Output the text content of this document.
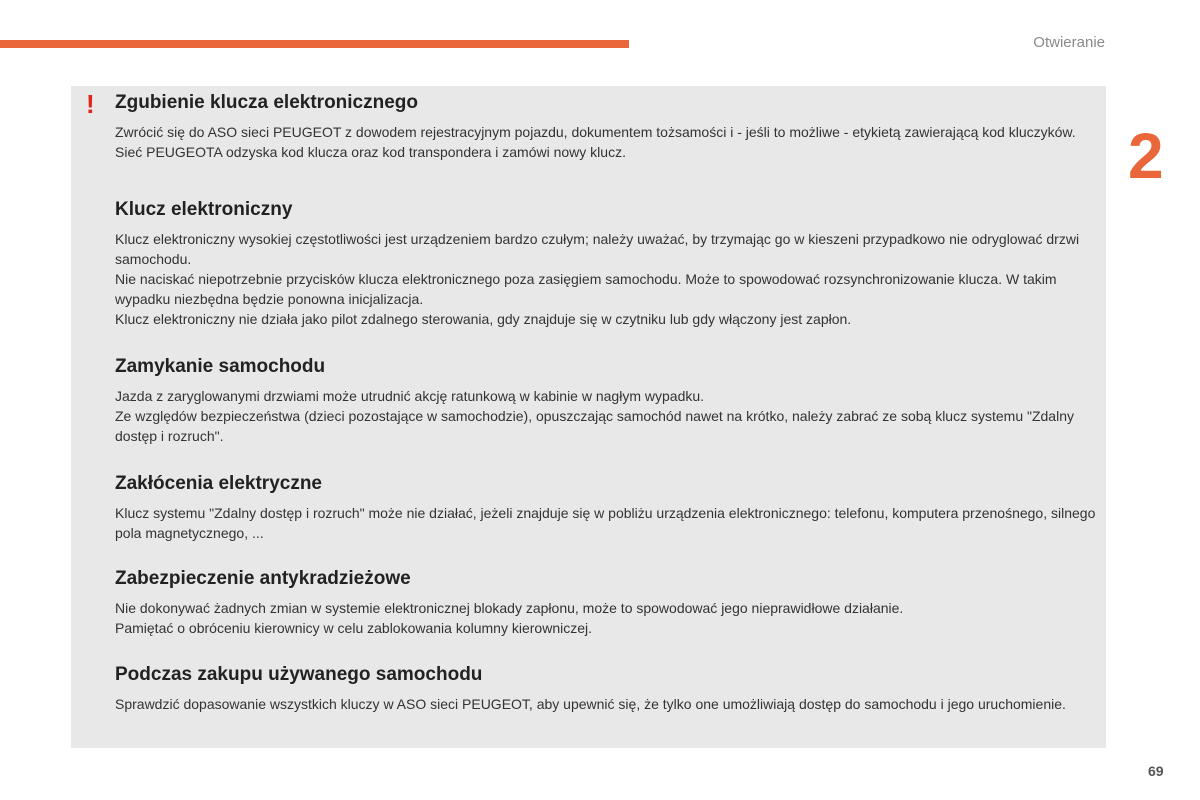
Otwieranie
2
! Zgubienie klucza elektronicznego

Zwrócić się do ASO sieci PEUGEOT z dowodem rejestracyjnym pojazdu, dokumentem tożsamości i - jeśli to możliwe - etykietą zawierającą kod kluczyków.

Sieć PEUGEOTA odzyska kod klucza oraz kod transpondera i zamówi nowy klucz.

Klucz elektroniczny

Klucz elektroniczny wysokiej częstotliwości jest urządzeniem bardzo czułym; należy uważać, by trzymając go w kieszeni przypadkowo nie odryglować drzwi samochodu.

Nie naciskać niepotrzebnie przycisków klucza elektronicznego poza zasięgiem samochodu. Może to spowodować rozsynchronizowanie klucza. W takim wypadku niezbędna będzie ponowna inicjalizacja.

Klucz elektroniczny nie działa jako pilot zdalnego sterowania, gdy znajduje się w czytniku lub gdy włączony jest zapłon.

Zamykanie samochodu

Jazda z zaryglowanymi drzwiami może utrudnić akcję ratunkową w kabinie w nagłym wypadku.

Ze względów bezpieczeństwa (dzieci pozostające w samochodzie), opuszczając samochód nawet na krótko, należy zabrać ze sobą klucz systemu "Zdalny dostęp i rozruch".

Zakłócenia elektryczne

Klucz systemu "Zdalny dostęp i rozruch" może nie działać, jeżeli znajduje się w pobliżu urządzenia elektronicznego: telefonu, komputera przenośnego, silnego pola magnetycznego, ...

Zabezpieczenie antykradzieżowe

Nie dokonywać żadnych zmian w systemie elektronicznej blokady zapłonu, może to spowodować jego nieprawidłowe działanie.

Pamiętać o obróceniu kierownicy w celu zablokowania kolumny kierowniczej.

Podczas zakupu używanego samochodu

Sprawdzić dopasowanie wszystkich kluczy w ASO sieci PEUGEOT, aby upewnić się, że tylko one umożliwiają dostęp do samochodu i jego uruchomienie.

69
